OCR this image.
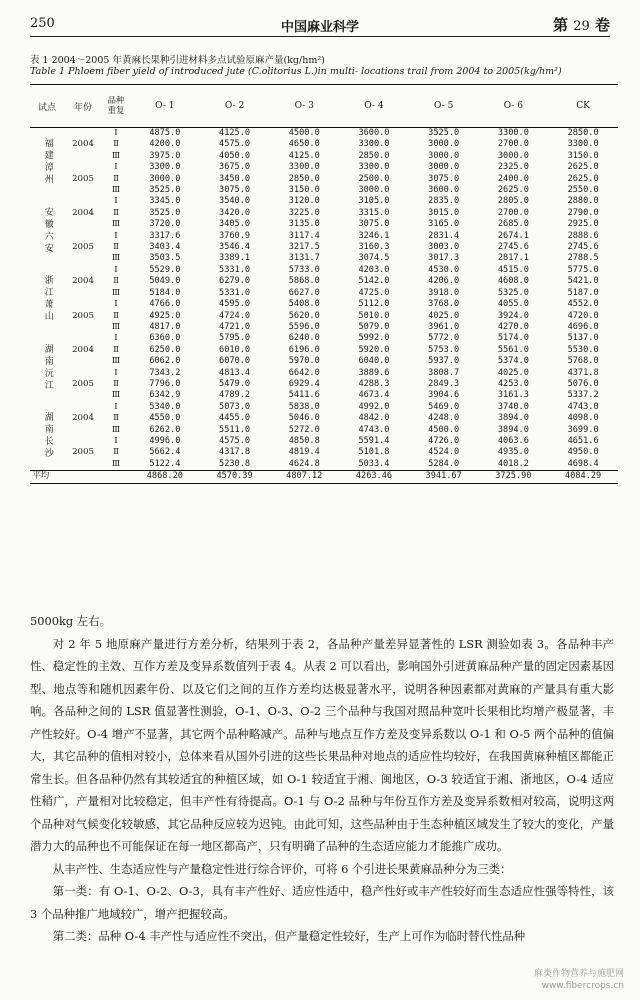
250	中国麻业科学	第 29 卷
表 1 2004～2005 年黄麻长果种引进材料多点试验原麻产量(kg/hm²)
Table 1 Phloem fiber yield of introduced jute (C.olitorius L.)in multi- locations trail from 2004 to 2005(kg/hm²)
试点	年份	品种
重复	O- 1	O- 2	O- 3	O- 4	O- 5	O- 6	CK
福建漳州	2004	Ⅰ	4875.0	4125.0	4500.0	3600.0	3525.0	3300.0	2850.0
		Ⅱ	4200.0	4575.0	4650.0	3300.0	3000.0	2700.0	3300.0
		Ⅲ	3975.0	4050.0	4125.0	2850.0	3000.0	3000.0	3150.0
	2005	Ⅰ	3300.0	3675.0	3300.0	3300.0	3000.0	2325.0	2625.0
		Ⅱ	3000.0	3450.0	2850.0	2500.0	3075.0	2400.0	2625.0
		Ⅲ	3525.0	3075.0	3150.0	3000.0	3600.0	2625.0	2550.0
安徽六安	2004	Ⅰ	3345.0	3540.0	3120.0	3105.0	2835.0	2805.0	2880.0
		Ⅱ	3525.0	3420.0	3225.0	3315.0	3015.0	2700.0	2790.0
		Ⅲ	3720.0	3405.0	3135.0	3075.0	3165.0	2685.0	2925.0
	2005	Ⅰ	3317.6	3760.9	3117.4	3246.1	2831.4	2674.1	2888.6
		Ⅱ	3403.4	3546.4	3217.5	3160.3	3003.0	2745.6	2745.6
		Ⅲ	3503.5	3389.1	3131.7	3074.5	3017.3	2817.1	2788.5
浙江萧山	2004	Ⅰ	5529.0	5331.0	5733.0	4203.0	4530.0	4515.0	5775.0
		Ⅱ	5049.0	6279.0	5868.0	5142.0	4206.0	4608.0	5421.0
		Ⅲ	5184.0	5331.0	6627.0	4725.0	3918.0	5325.0	5187.0
	2005	Ⅰ	4766.0	4595.0	5408.0	5112.0	3768.0	4055.0	4552.0
		Ⅱ	4925.0	4724.0	5620.0	5010.0	4025.0	3924.0	4720.0
		Ⅲ	4817.0	4721.0	5596.0	5079.0	3961.0	4270.0	4696.0
湖南沅江	2004	Ⅰ	6360.0	5795.0	6240.0	5992.0	5772.0	5174.0	5137.0
		Ⅱ	6250.0	6010.0	6196.0	5920.0	5753.0	5561.0	5530.0
		Ⅲ	6062.0	6070.0	5970.0	6040.0	5937.0	5374.0	5768.0
	2005	Ⅰ	7343.2	4813.4	6642.0	3889.6	3808.7	4025.0	4371.8
		Ⅱ	7796.0	5479.0	6929.4	4288.3	2849.3	4253.0	5076.0
		Ⅲ	6342.9	4789.2	5411.6	4673.4	3904.6	3161.3	5337.2
湖南长沙	2004	Ⅰ	5340.0	5073.0	5838.0	4992.0	5469.0	3740.0	4743.0
		Ⅱ	4550.0	4455.0	5046.0	4842.0	4248.0	3894.0	4098.0
		Ⅲ	6262.0	5511.0	5272.0	4743.0	4500.0	3894.0	3699.0
	2005	Ⅰ	4996.0	4575.0	4850.8	5591.4	4726.0	4063.6	4651.6
		Ⅱ	5662.4	4317.8	4819.4	5101.8	4524.0	4935.0	4950.0
		Ⅲ	5122.4	5230.8	4624.8	5033.4	5284.0	4018.2	4698.4
平均			4868.20	4570.39	4807.12	4263.46	3941.67	3725.90	4084.29

5000kg 左右。

对 2 年 5 地原麻产量进行方差分析，结果列于表 2，各品种产量差异显著性的 LSR 测验如表 3。各品种丰产性、稳定性的主效、互作方差及变异系数值列于表 4。从表 2 可以看出，影响国外引进黄麻品种产量的固定因素基因型、地点等和随机因素年份、以及它们之间的互作方差均达极显著水平，说明各种因素都对黄麻的产量具有重大影响。各品种之间的 LSR 值显著性测验，O-1、O-3、O-2 三个品种与我国对照品种宽叶长果相比均增产极显著，丰产性较好。O-4 增产不显著，其它两个品种略减产。品种与地点互作方差及变异系数以 O-1 和 O-5 两个品种的值偏大，其它品种的值相对较小，总体来看从国外引进的这些长果品种对地点的适应性均较好，在我国黄麻种植区都能正常生长。但各品种仍然有其较适宜的种植区域，如 O-1 较适宜于湘、闽地区，O-3 较适宜于湘、浙地区，O-4 适应性稍广，产量相对比较稳定，但丰产性有待提高。O-1 与 O-2 品种与年份互作方差及变异系数相对较高，说明这两个品种对气候变化较敏感，其它品种反应较为迟钝。由此可知，这些品种由于生态种植区域发生了较大的变化，产量潜力大的品种也不可能保证在每一地区都高产，只有明确了品种的生态适应能力才能推广成功。

从丰产性、生态适应性与产量稳定性进行综合评价，可将 6 个引进长果黄麻品种分为三类：

第一类：有 O-1、O-2、O-3，具有丰产性好、适应性适中，稳产性好或丰产性较好而生态适应性强等特性，该 3 个品种推广地域较广，增产把握较高。

第二类：品种 O-4 丰产性与适应性不突出，但产量稳定性较好，生产上可作为临时替代性品种

麻类作物营养与施肥网
www.fibercrops.cn
